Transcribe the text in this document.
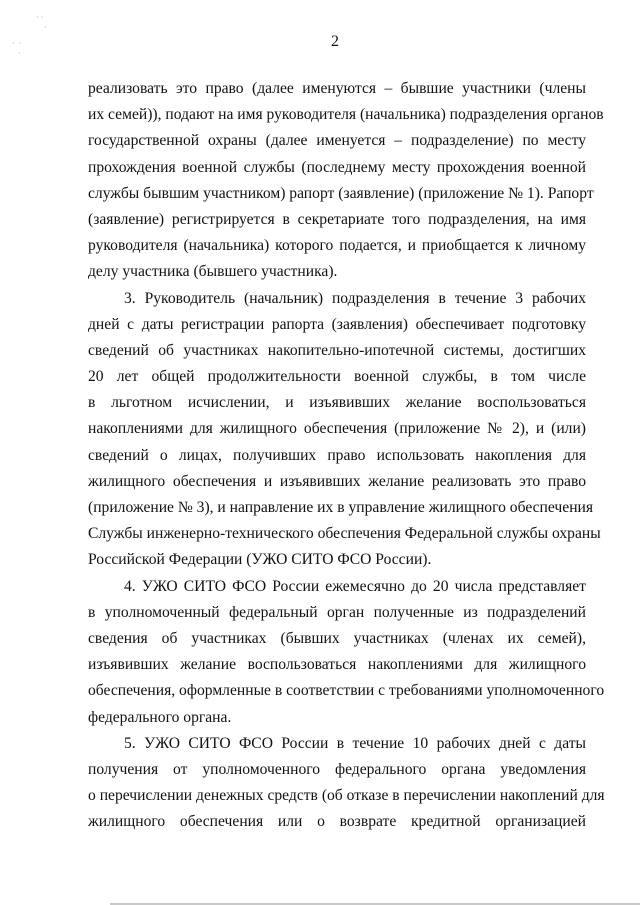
· ·
·
·  ·
·
2
реализовать это право (далее именуются – бывшие участники (члены
их семей)), подают на имя руководителя (начальника) подразделения органов
государственной охраны (далее именуется – подразделение) по месту
прохождения военной службы (последнему месту прохождения военной
службы бывшим участником) рапорт (заявление) (приложение № 1). Рапорт
(заявление) регистрируется в секретариате того подразделения, на имя
руководителя (начальника) которого подается, и приобщается к личному
делу участника (бывшего участника).
3. Руководитель (начальник) подразделения в течение 3 рабочих
дней с даты регистрации рапорта (заявления) обеспечивает подготовку
сведений об участниках накопительно-ипотечной системы, достигших
20 лет общей продолжительности военной службы, в том числе
в льготном исчислении, и изъявивших желание воспользоваться
накоплениями для жилищного обеспечения (приложение № 2), и (или)
сведений о лицах, получивших право использовать накопления для
жилищного обеспечения и изъявивших желание реализовать это право
(приложение № 3), и направление их в управление жилищного обеспечения
Службы инженерно-технического обеспечения Федеральной службы охраны
Российской Федерации (УЖО СИТО ФСО России).
4. УЖО СИТО ФСО России ежемесячно до 20 числа представляет
в уполномоченный федеральный орган полученные из подразделений
сведения об участниках (бывших участниках (членах их семей),
изъявивших желание воспользоваться накоплениями для жилищного
обеспечения, оформленные в соответствии с требованиями уполномоченного
федерального органа.
5. УЖО СИТО ФСО России в течение 10 рабочих дней с даты
получения от уполномоченного федерального органа уведомления
о перечислении денежных средств (об отказе в перечислении накоплений для
жилищного обеспечения или о возврате кредитной организацией
